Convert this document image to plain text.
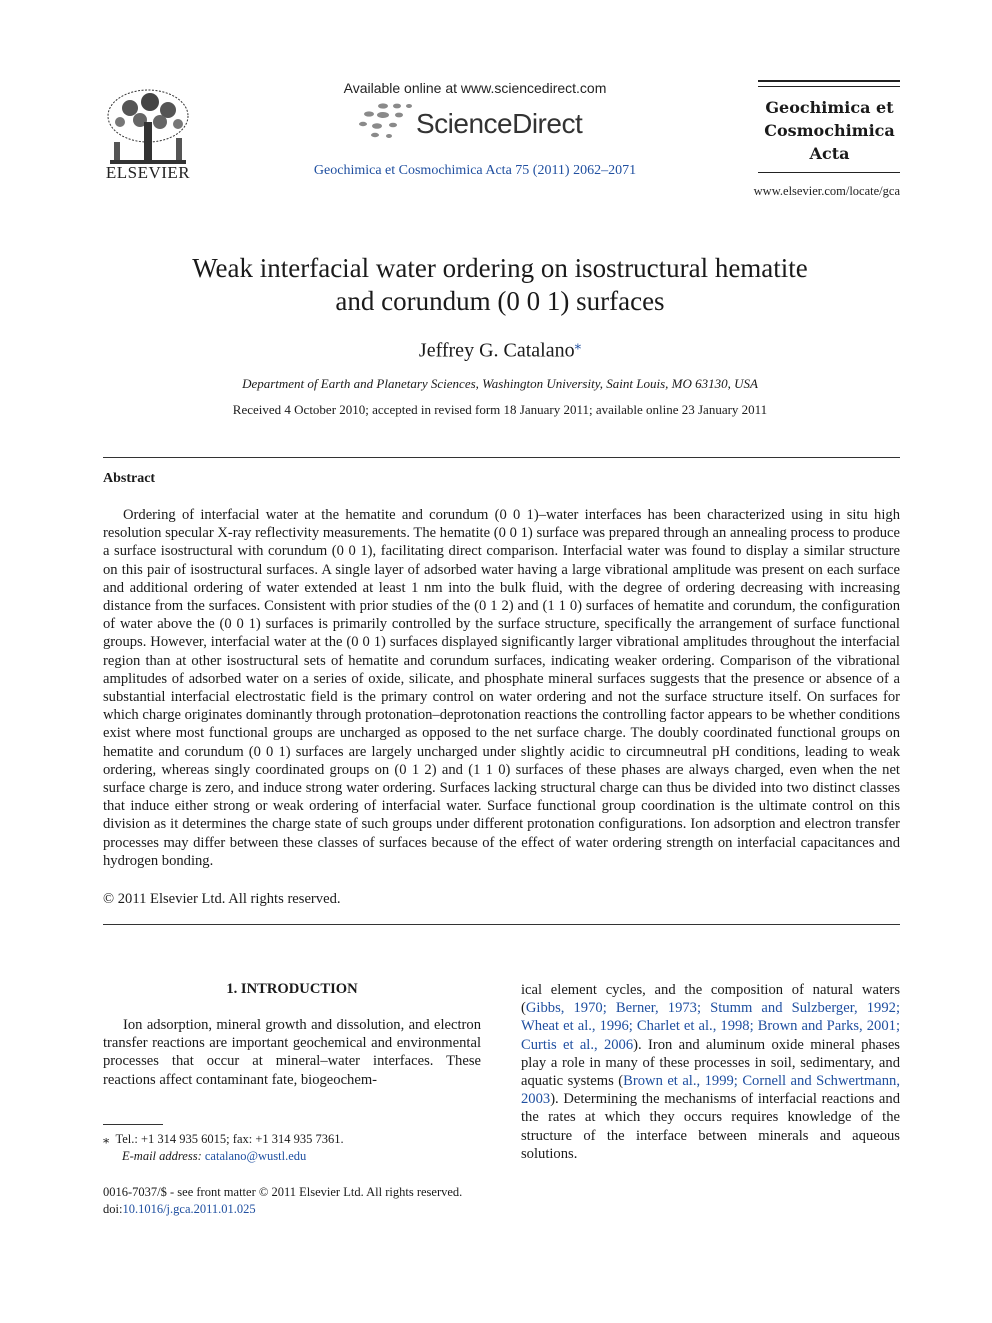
ELSEVIER
Available online at www.sciencedirect.com
ScienceDirect
Geochimica et Cosmochimica Acta 75 (2011) 2062–2071
Geochimica et
Cosmochimica
Acta
www.elsevier.com/locate/gca
Weak interfacial water ordering on isostructural hematite
and corundum (0 0 1) surfaces
Jeffrey G. Catalano⁎
Department of Earth and Planetary Sciences, Washington University, Saint Louis, MO 63130, USA
Received 4 October 2010; accepted in revised form 18 January 2011; available online 23 January 2011
Abstract
Ordering of interfacial water at the hematite and corundum (0 0 1)–water interfaces has been characterized using in situ high resolution specular X-ray reflectivity measurements. The hematite (0 0 1) surface was prepared through an annealing process to produce a surface isostructural with corundum (0 0 1), facilitating direct comparison. Interfacial water was found to display a similar structure on this pair of isostructural surfaces. A single layer of adsorbed water having a large vibrational amplitude was present on each surface and additional ordering of water extended at least 1 nm into the bulk fluid, with the degree of ordering decreasing with increasing distance from the surfaces. Consistent with prior studies of the (0 1 2) and (1 1 0) surfaces of hematite and corundum, the configuration of water above the (0 0 1) surfaces is primarily controlled by the surface structure, specifically the arrangement of surface functional groups. However, interfacial water at the (0 0 1) surfaces displayed significantly larger vibrational amplitudes throughout the interfacial region than at other isostructural sets of hematite and corundum surfaces, indicating weaker ordering. Comparison of the vibrational amplitudes of adsorbed water on a series of oxide, silicate, and phosphate mineral surfaces suggests that the presence or absence of a substantial interfacial electrostatic field is the primary control on water ordering and not the surface structure itself. On surfaces for which charge originates dominantly through protonation–deprotonation reactions the controlling factor appears to be whether conditions exist where most functional groups are uncharged as opposed to the net surface charge. The doubly coordinated functional groups on hematite and corundum (0 0 1) surfaces are largely uncharged under slightly acidic to circumneutral pH conditions, leading to weak ordering, whereas singly coordinated groups on (0 1 2) and (1 1 0) surfaces of these phases are always charged, even when the net surface charge is zero, and induce strong water ordering. Surfaces lacking structural charge can thus be divided into two distinct classes that induce either strong or weak ordering of interfacial water. Surface functional group coordination is the ultimate control on this division as it determines the charge state of such groups under different protonation configurations. Ion adsorption and electron transfer processes may differ between these classes of surfaces because of the effect of water ordering strength on interfacial capacitances and hydrogen bonding.
© 2011 Elsevier Ltd. All rights reserved.
1. INTRODUCTION
Ion adsorption, mineral growth and dissolution, and electron transfer reactions are important geochemical and environmental processes that occur at mineral–water interfaces. These reactions affect contaminant fate, biogeochem-
ical element cycles, and the composition of natural waters (Gibbs, 1970; Berner, 1973; Stumm and Sulzberger, 1992; Wheat et al., 1996; Charlet et al., 1998; Brown and Parks, 2001; Curtis et al., 2006). Iron and aluminum oxide mineral phases play a role in many of these processes in soil, sedimentary, and aquatic systems (Brown et al., 1999; Cornell and Schwertmann, 2003). Determining the mechanisms of interfacial reactions and the rates at which they occurs requires knowledge of the structure of the interface between minerals and aqueous solutions.
⁎ Tel.: +1 314 935 6015; fax: +1 314 935 7361.
E-mail address: catalano@wustl.edu
0016-7037/$ - see front matter © 2011 Elsevier Ltd. All rights reserved.
doi:10.1016/j.gca.2011.01.025
